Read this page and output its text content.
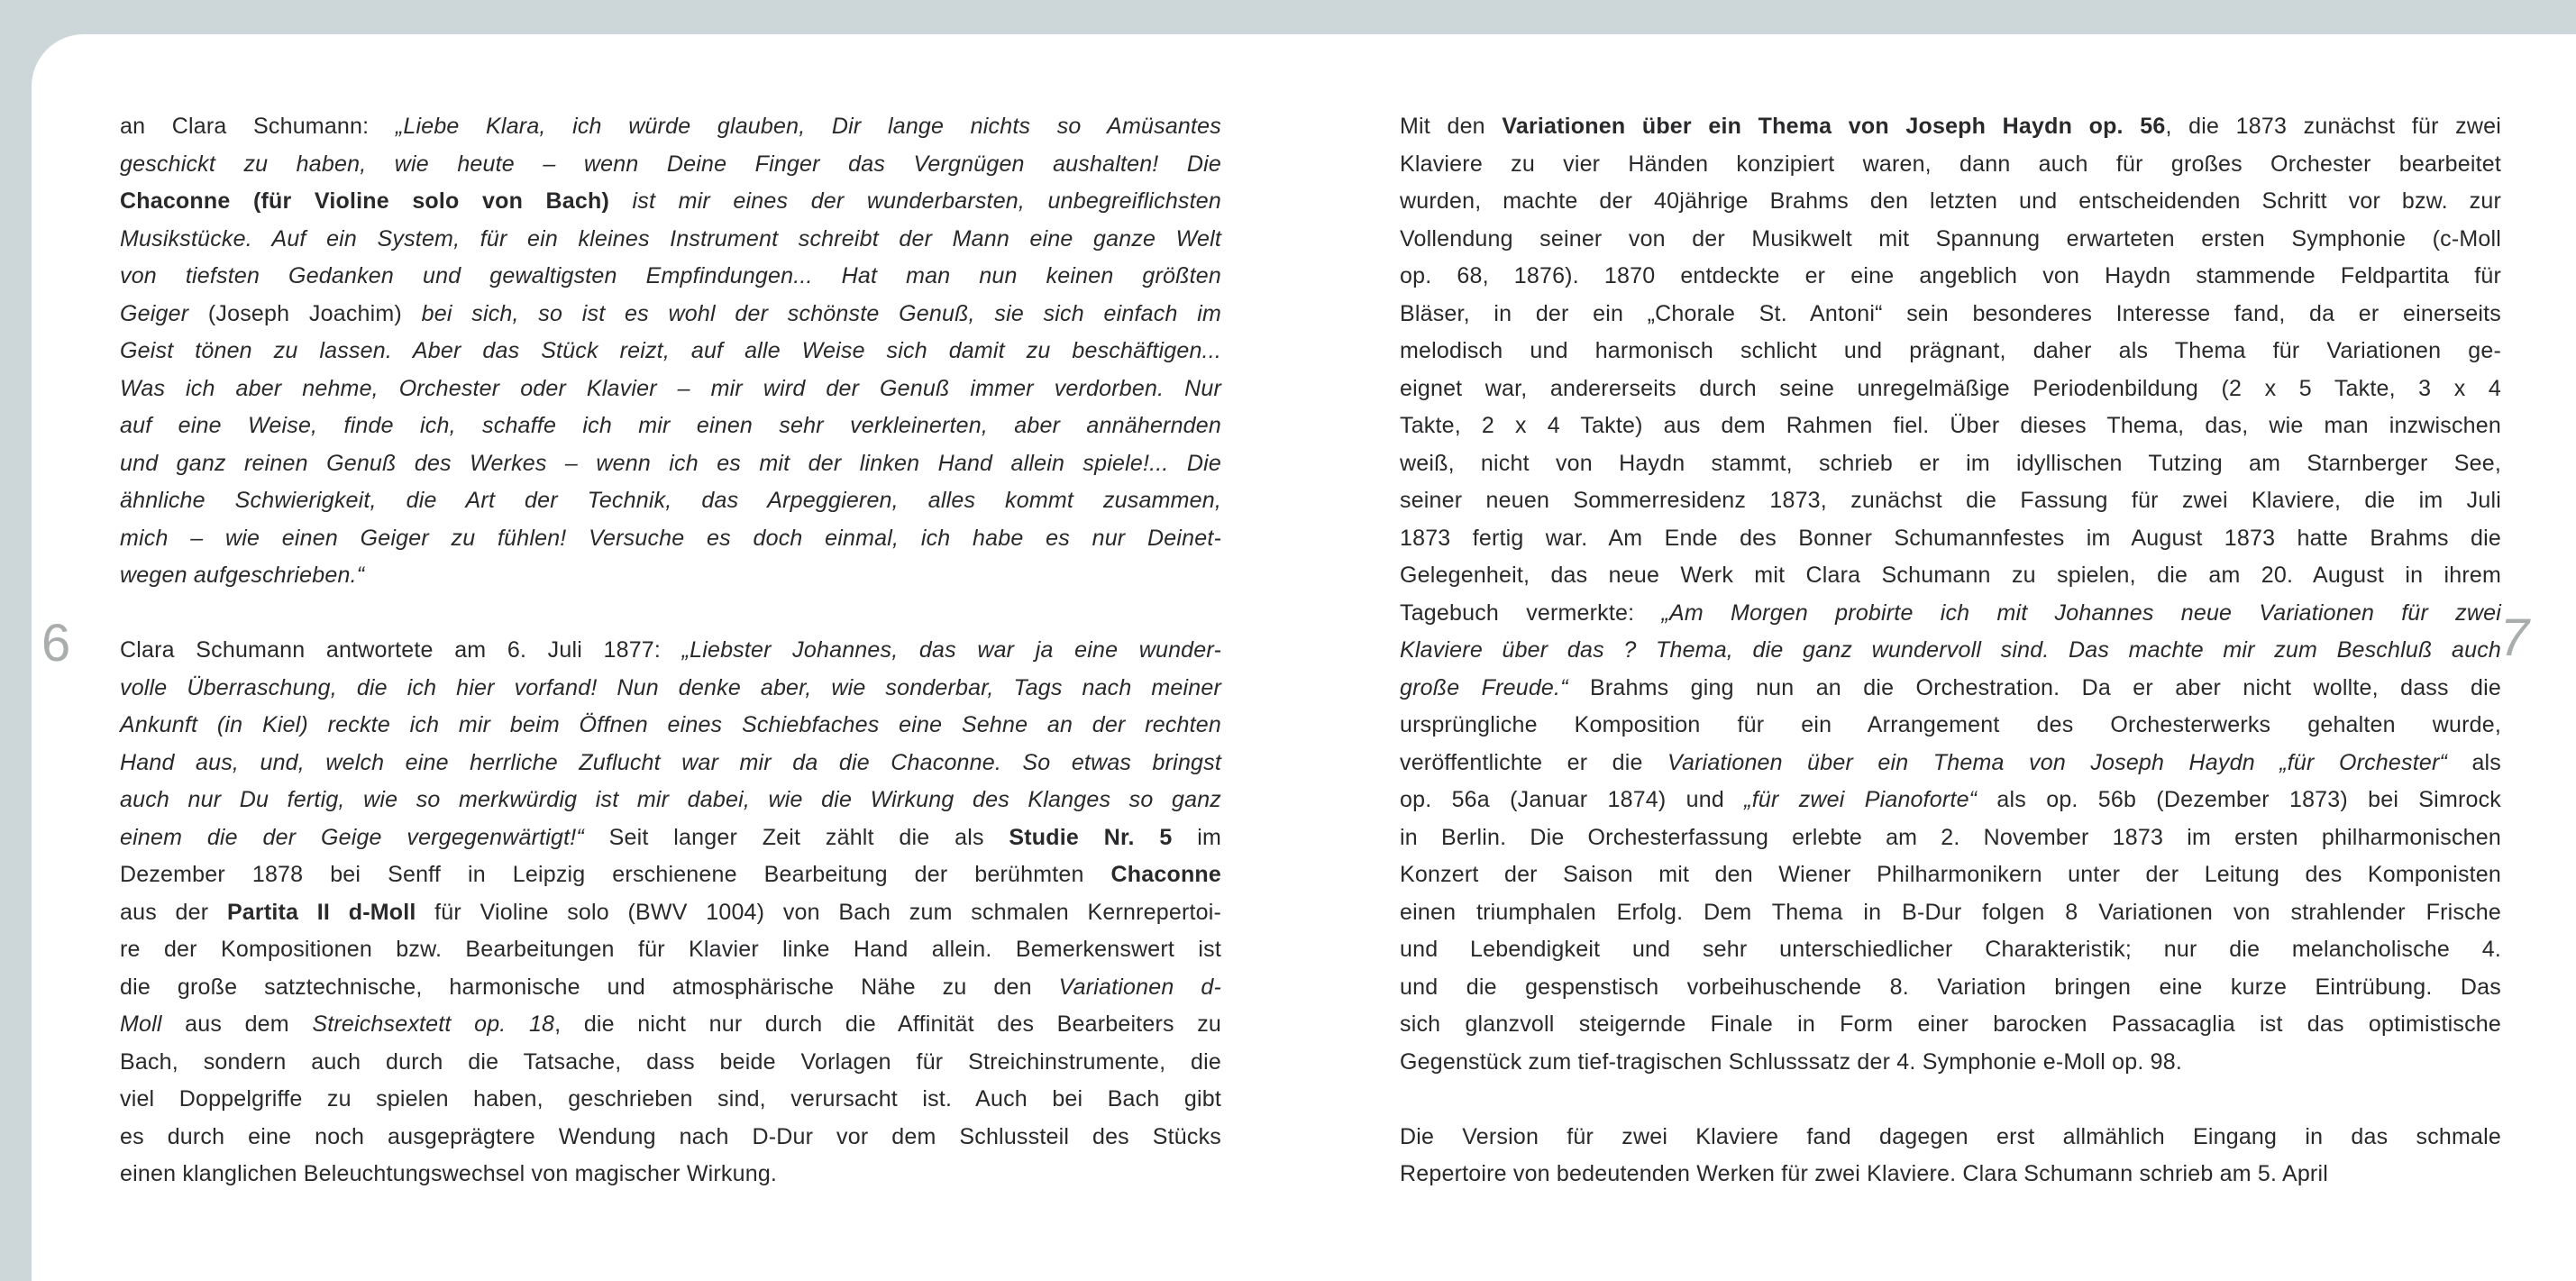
an Clara Schumann: „Liebe Klara, ich würde glauben, Dir lange nichts so Amüsantes
geschickt zu haben, wie heute – wenn Deine Finger das Vergnügen aushalten! Die
Chaconne (für Violine solo von Bach) ist mir eines der wunderbarsten, unbegreiflichsten
Musikstücke. Auf ein System, für ein kleines Instrument schreibt der Mann eine ganze Welt
von tiefsten Gedanken und gewaltigsten Empfindungen... Hat man nun keinen größten
Geiger (Joseph Joachim) bei sich, so ist es wohl der schönste Genuß, sie sich einfach im
Geist tönen zu lassen. Aber das Stück reizt, auf alle Weise sich damit zu beschäftigen...
Was ich aber nehme, Orchester oder Klavier – mir wird der Genuß immer verdorben. Nur
auf eine Weise, finde ich, schaffe ich mir einen sehr verkleinerten, aber annähernden
und ganz reinen Genuß des Werkes – wenn ich es mit der linken Hand allein spiele!... Die
ähnliche Schwierigkeit, die Art der Technik, das Arpeggieren, alles kommt zusammen,
mich – wie einen Geiger zu fühlen! Versuche es doch einmal, ich habe es nur Deinet-
wegen aufgeschrieben.“
Clara Schumann antwortete am 6. Juli 1877: „Liebster Johannes, das war ja eine wunder-
volle Überraschung, die ich hier vorfand! Nun denke aber, wie sonderbar, Tags nach meiner
Ankunft (in Kiel) reckte ich mir beim Öffnen eines Schiebfaches eine Sehne an der rechten
Hand aus, und, welch eine herrliche Zuflucht war mir da die Chaconne. So etwas bringst
auch nur Du fertig, wie so merkwürdig ist mir dabei, wie die Wirkung des Klanges so ganz
einem die der Geige vergegenwärtigt!“ Seit langer Zeit zählt die als Studie Nr. 5 im
Dezember 1878 bei Senff in Leipzig erschienene Bearbeitung der berühmten Chaconne
aus der Partita II d-Moll für Violine solo (BWV 1004) von Bach zum schmalen Kernrepertoi-
re der Kompositionen bzw. Bearbeitungen für Klavier linke Hand allein. Bemerkenswert ist
die große satztechnische, harmonische und atmosphärische Nähe zu den Variationen d-
Moll aus dem Streichsextett op. 18, die nicht nur durch die Affinität des Bearbeiters zu
Bach, sondern auch durch die Tatsache, dass beide Vorlagen für Streichinstrumente, die
viel Doppelgriffe zu spielen haben, geschrieben sind, verursacht ist. Auch bei Bach gibt
es durch eine noch ausgeprägtere Wendung nach D-Dur vor dem Schlussteil des Stücks
einen klanglichen Beleuchtungswechsel von magischer Wirkung.
Mit den Variationen über ein Thema von Joseph Haydn op. 56, die 1873 zunächst für zwei
Klaviere zu vier Händen konzipiert waren, dann auch für großes Orchester bearbeitet
wurden, machte der 40jährige Brahms den letzten und entscheidenden Schritt vor bzw. zur
Vollendung seiner von der Musikwelt mit Spannung erwarteten ersten Symphonie (c-Moll
op. 68, 1876). 1870 entdeckte er eine angeblich von Haydn stammende Feldpartita für
Bläser, in der ein „Chorale St. Antoni“ sein besonderes Interesse fand, da er einerseits
melodisch und harmonisch schlicht und prägnant, daher als Thema für Variationen ge-
eignet war, andererseits durch seine unregelmäßige Periodenbildung (2 x 5 Takte, 3 x 4
Takte, 2 x 4 Takte) aus dem Rahmen fiel. Über dieses Thema, das, wie man inzwischen
weiß, nicht von Haydn stammt, schrieb er im idyllischen Tutzing am Starnberger See,
seiner neuen Sommerresidenz 1873, zunächst die Fassung für zwei Klaviere, die im Juli
1873 fertig war. Am Ende des Bonner Schumannfestes im August 1873 hatte Brahms die
Gelegenheit, das neue Werk mit Clara Schumann zu spielen, die am 20. August in ihrem
Tagebuch vermerkte: „Am Morgen probirte ich mit Johannes neue Variationen für zwei
Klaviere über das ? Thema, die ganz wundervoll sind. Das machte mir zum Beschluß auch
große Freude.“ Brahms ging nun an die Orchestration. Da er aber nicht wollte, dass die
ursprüngliche Komposition für ein Arrangement des Orchesterwerks gehalten wurde,
veröffentlichte er die Variationen über ein Thema von Joseph Haydn „für Orchester“ als
op. 56a (Januar 1874) und „für zwei Pianoforte“ als op. 56b (Dezember 1873) bei Simrock
in Berlin. Die Orchesterfassung erlebte am 2. November 1873 im ersten philharmonischen
Konzert der Saison mit den Wiener Philharmonikern unter der Leitung des Komponisten
einen triumphalen Erfolg. Dem Thema in B-Dur folgen 8 Variationen von strahlender Frische
und Lebendigkeit und sehr unterschiedlicher Charakteristik; nur die melancholische 4.
und die gespenstisch vorbeihuschende 8. Variation bringen eine kurze Eintrübung. Das
sich glanzvoll steigernde Finale in Form einer barocken Passacaglia ist das optimistische
Gegenstück zum tief-tragischen Schlusssatz der 4. Symphonie e-Moll op. 98.
Die Version für zwei Klaviere fand dagegen erst allmählich Eingang in das schmale
Repertoire von bedeutenden Werken für zwei Klaviere. Clara Schumann schrieb am 5. April
6	7
